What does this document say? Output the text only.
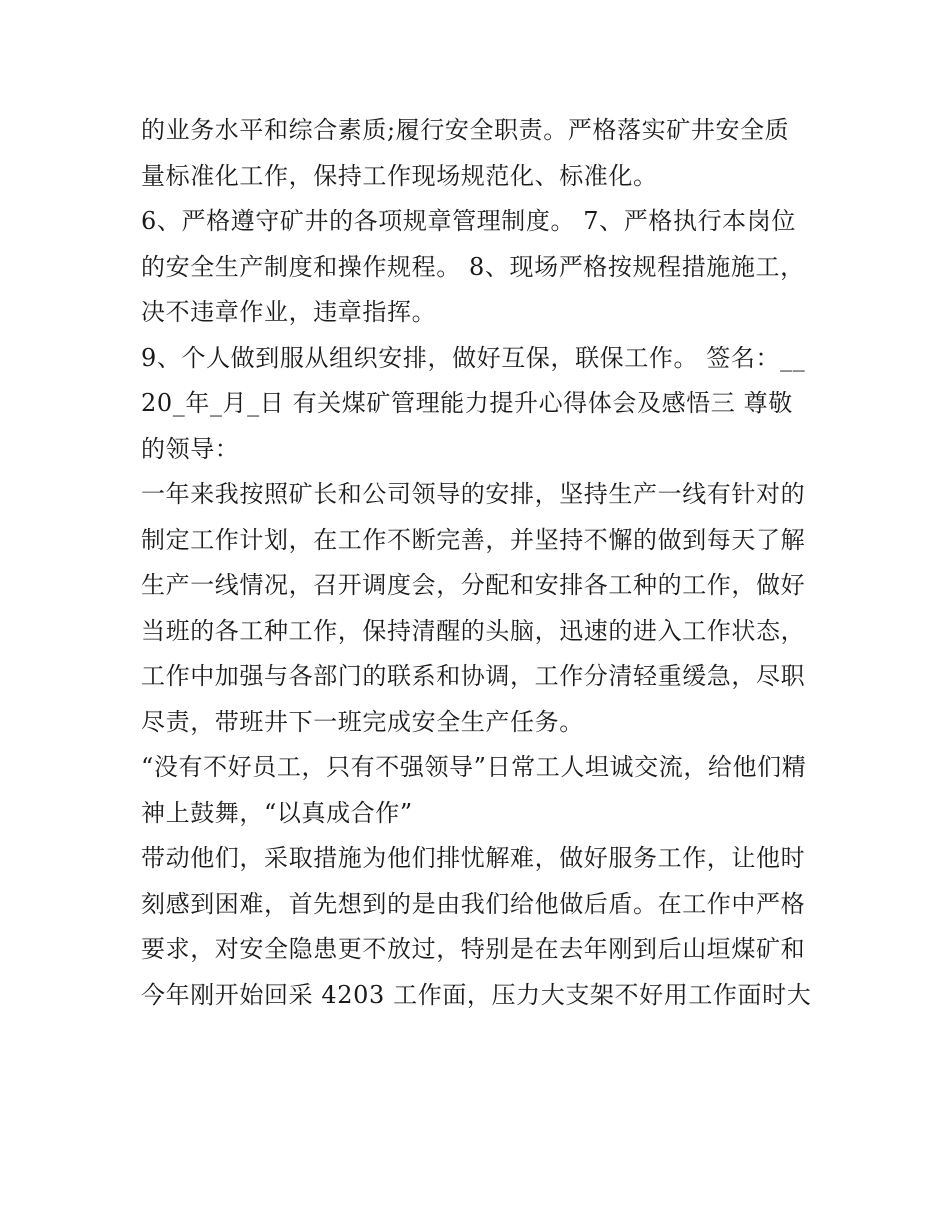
的业务水平和综合素质;履行安全职责。严格落实矿井安全质
量标准化工作，保持工作现场规范化、标准化。
6、严格遵守矿井的各项规章管理制度。 7、严格执行本岗位
的安全生产制度和操作规程。 8、现场严格按规程措施施工，
决不违章作业，违章指挥。
9、个人做到服从组织安排，做好互保，联保工作。 签名：__
20_年_月_日 有关煤矿管理能力提升心得体会及感悟三 尊敬
的领导：
一年来我按照矿长和公司领导的安排，坚持生产一线有针对的
制定工作计划，在工作不断完善，并坚持不懈的做到每天了解
生产一线情况，召开调度会，分配和安排各工种的工作，做好
当班的各工种工作，保持清醒的头脑，迅速的进入工作状态，
工作中加强与各部门的联系和协调，工作分清轻重缓急，尽职
尽责，带班井下一班完成安全生产任务。
“没有不好员工，只有不强领导”日常工人坦诚交流，给他们精
神上鼓舞，“以真成合作”
带动他们，采取措施为他们排忧解难，做好服务工作，让他时
刻感到困难，首先想到的是由我们给他做后盾。在工作中严格
要求，对安全隐患更不放过，特别是在去年刚到后山垣煤矿和
今年刚开始回采 4203 工作面，压力大支架不好用工作面时大
